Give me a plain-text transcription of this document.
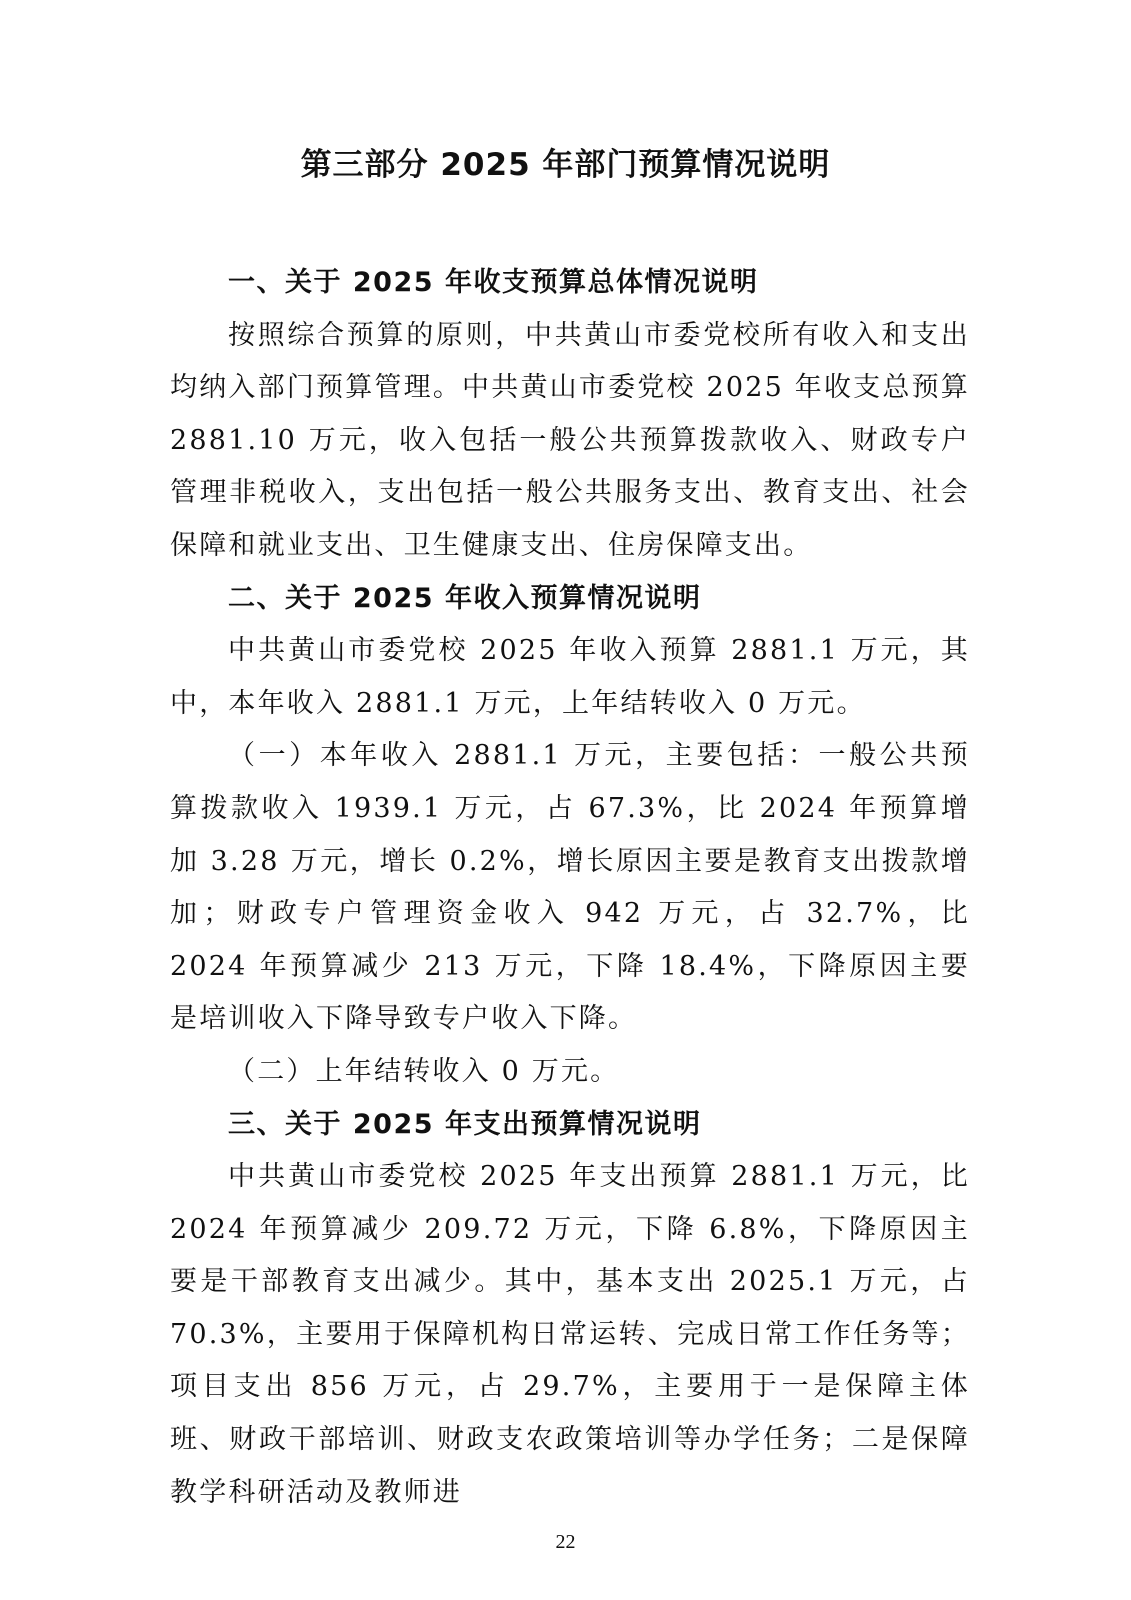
第三部分 2025 年部门预算情况说明

一、关于 2025 年收支预算总体情况说明

按照综合预算的原则，中共黄山市委党校所有收入和支出均纳入部门预算管理。中共黄山市委党校 2025 年收支总预算 2881.10 万元，收入包括一般公共预算拨款收入、财政专户管理非税收入，支出包括一般公共服务支出、教育支出、社会保障和就业支出、卫生健康支出、住房保障支出。

二、关于 2025 年收入预算情况说明

中共黄山市委党校 2025 年收入预算 2881.1 万元，其中，本年收入 2881.1 万元，上年结转收入 0 万元。

（一）本年收入 2881.1 万元，主要包括：一般公共预算拨款收入 1939.1 万元，占 67.3%，比 2024 年预算增加 3.28 万元，增长 0.2%，增长原因主要是教育支出拨款增加；财政专户管理资金收入 942 万元，占 32.7%，比 2024 年预算减少 213 万元，下降 18.4%，下降原因主要是培训收入下降导致专户收入下降。

（二）上年结转收入 0 万元。

三、关于 2025 年支出预算情况说明

中共黄山市委党校 2025 年支出预算 2881.1 万元，比 2024 年预算减少 209.72 万元，下降 6.8%，下降原因主要是干部教育支出减少。其中，基本支出 2025.1 万元，占 70.3%，主要用于保障机构日常运转、完成日常工作任务等；项目支出 856 万元，占 29.7%，主要用于一是保障主体班、财政干部培训、财政支农政策培训等办学任务；二是保障教学科研活动及教师进

22
